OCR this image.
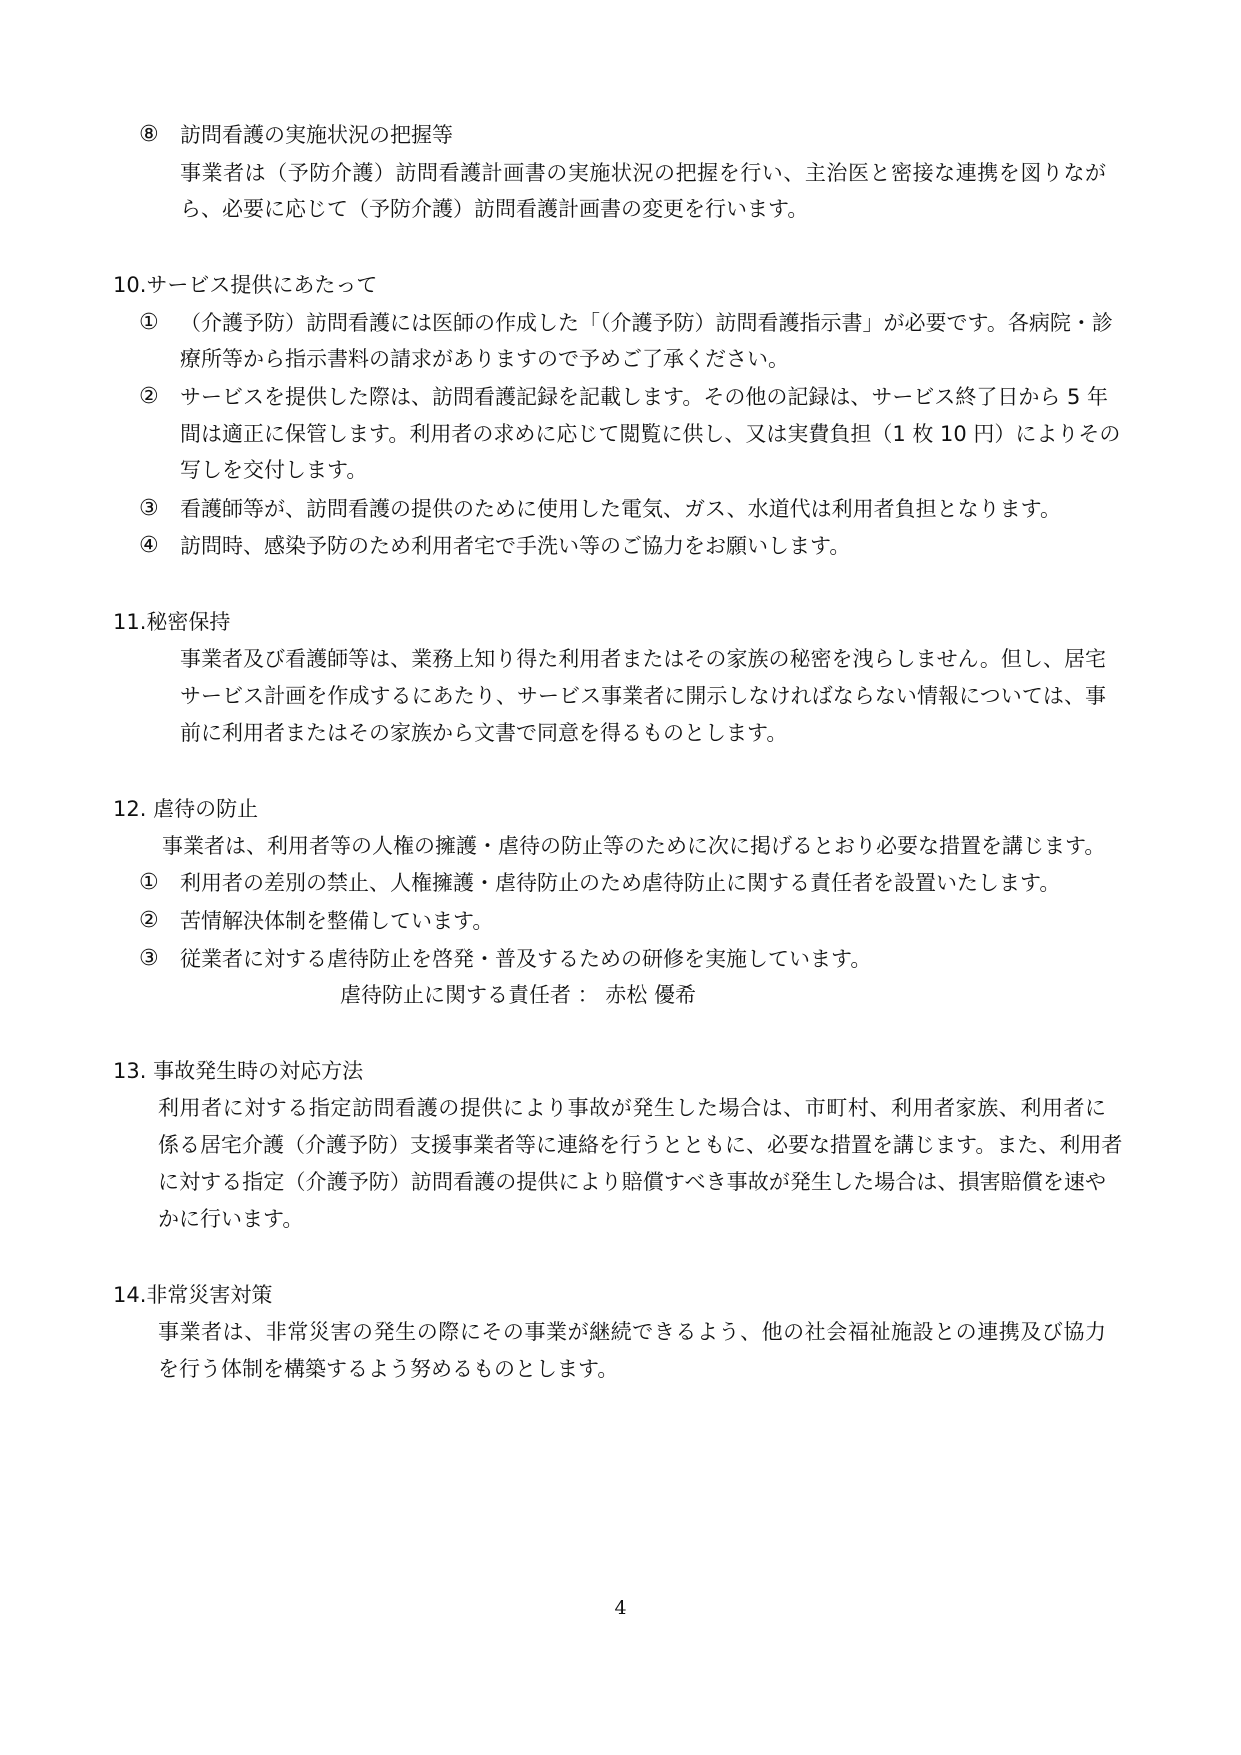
⑧ 訪問看護の実施状況の把握等
事業者は（予防介護）訪問看護計画書の実施状況の把握を行い、主治医と密接な連携を図りなが
ら、必要に応じて（予防介護）訪問看護計画書の変更を行います。
10.サービス提供にあたって
① （介護予防）訪問看護には医師の作成した「（介護予防）訪問看護指示書」が必要です。各病院・診
療所等から指示書料の請求がありますので予めご了承ください。
② サービスを提供した際は、訪問看護記録を記載します。その他の記録は、サービス終了日から 5 年
間は適正に保管します。利用者の求めに応じて閲覧に供し、又は実費負担（1 枚 10 円）によりその
写しを交付します。
③ 看護師等が、訪問看護の提供のために使用した電気、ガス、水道代は利用者負担となります。
④ 訪問時、感染予防のため利用者宅で手洗い等のご協力をお願いします。
11.秘密保持
事業者及び看護師等は、業務上知り得た利用者またはその家族の秘密を洩らしません。但し、居宅
サービス計画を作成するにあたり、サービス事業者に開示しなければならない情報については、事
前に利用者またはその家族から文書で同意を得るものとします。
12. 虐待の防止
事業者は、利用者等の人権の擁護・虐待の防止等のために次に掲げるとおり必要な措置を講じます。
① 利用者の差別の禁止、人権擁護・虐待防止のため虐待防止に関する責任者を設置いたします。
② 苦情解決体制を整備しています。
③ 従業者に対する虐待防止を啓発・普及するための研修を実施しています。
虐待防止に関する責任者 ： 赤松 優希
13. 事故発生時の対応方法
利用者に対する指定訪問看護の提供により事故が発生した場合は、市町村、利用者家族、利用者に
係る居宅介護（介護予防）支援事業者等に連絡を行うとともに、必要な措置を講じます。また、利用者
に対する指定（介護予防）訪問看護の提供により賠償すべき事故が発生した場合は、損害賠償を速や
かに行います。
14.非常災害対策
事業者は、非常災害の発生の際にその事業が継続できるよう、他の社会福祉施設との連携及び協力
を行う体制を構築するよう努めるものとします。
4
